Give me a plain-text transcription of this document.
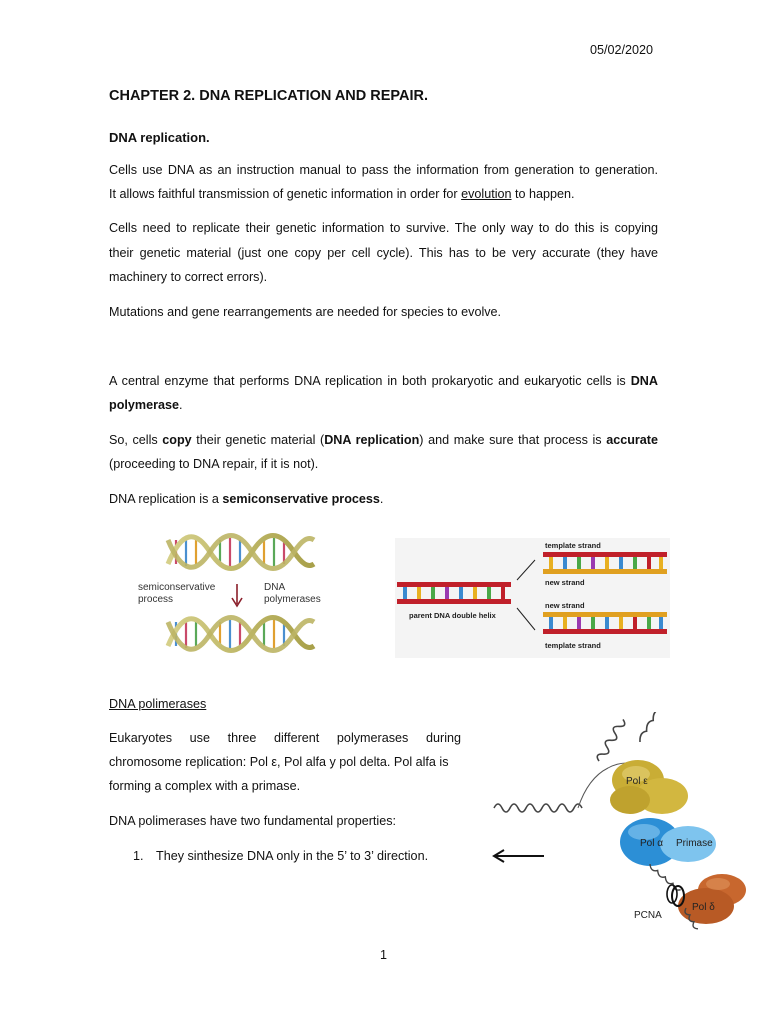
05/02/2020
CHAPTER 2. DNA REPLICATION AND REPAIR.
DNA replication.
Cells use DNA as an instruction manual to pass the information from generation to generation.
It allows faithful transmission of genetic information in order for evolution to happen.
Cells need to replicate their genetic information to survive. The only way to do this is copying
their genetic material (just one copy per cell cycle). This has to be very accurate (they have
machinery to correct errors).
Mutations and gene rearrangements are needed for species to evolve.
A central enzyme that performs DNA replication in both prokaryotic and eukaryotic cells is DNA
polymerase.
So, cells copy their genetic material (DNA replication) and make sure that process is accurate
(proceeding to DNA repair, if it is not).
DNA replication is a semiconservative process.
semiconservative
process
DNA
polymerases
template strand
new strand
new strand
template strand
parent DNA double helix
DNA polimerases
Eukaryotes use three different polymerases during
chromosome replication: Pol ε, Pol alfa y pol delta. Pol alfa is
forming a complex with a primase.
DNA polimerases have two fundamental properties:
1. They sinthesize DNA only in the 5’ to 3’ direction.
Pol ε
Pol α Primase
Pol δ
PCNA
1
